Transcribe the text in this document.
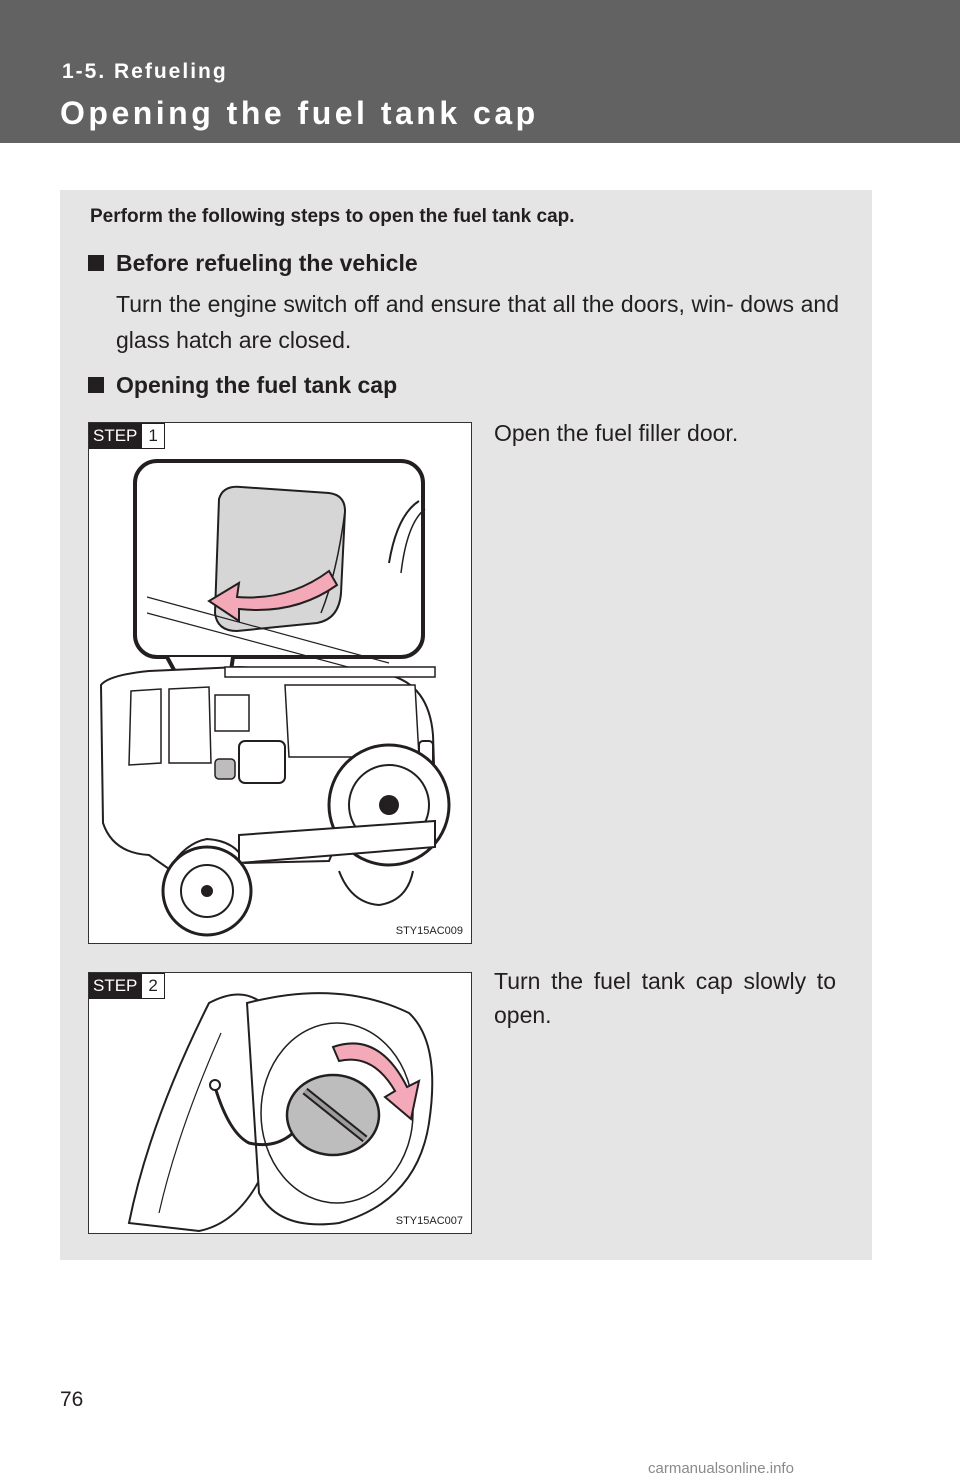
1-5. Refueling
Opening the fuel tank cap
Perform the following steps to open the fuel tank cap.
Before refueling the vehicle
Turn the engine switch off and ensure that all the doors, win- dows and glass hatch are closed.
Opening the fuel tank cap
STEP 1
STY15AC009
Open the fuel filler door.
STEP 2
STY15AC007
Turn the fuel tank cap slowly to open.
76
carmanualsonline.info
